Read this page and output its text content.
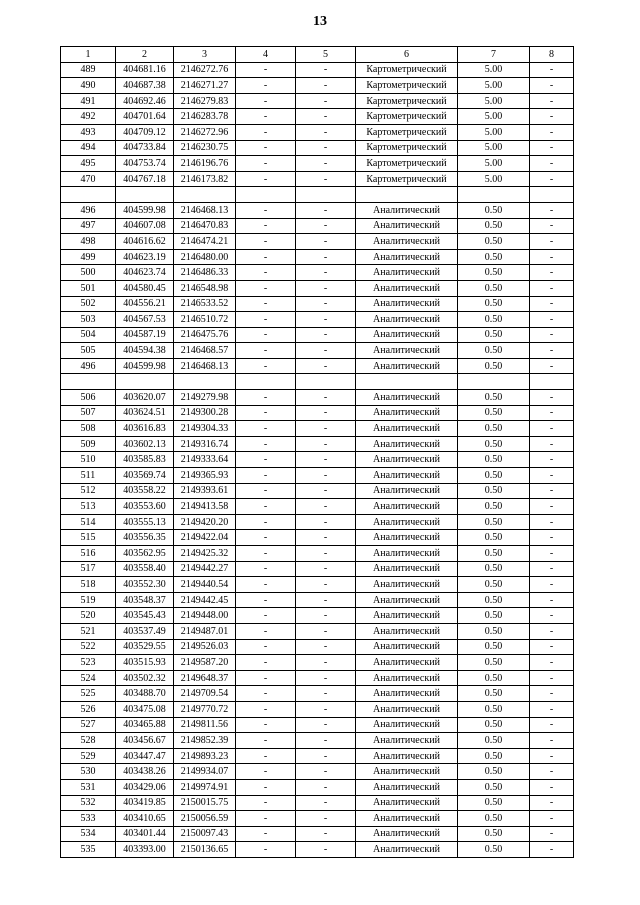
13
1	2	3	4	5	6	7	8
489	404681.16	2146272.76	-	-	Картометрический	5.00	-
490	404687.38	2146271.27	-	-	Картометрический	5.00	-
491	404692.46	2146279.83	-	-	Картометрический	5.00	-
492	404701.64	2146283.78	-	-	Картометрический	5.00	-
493	404709.12	2146272.96	-	-	Картометрический	5.00	-
494	404733.84	2146230.75	-	-	Картометрический	5.00	-
495	404753.74	2146196.76	-	-	Картометрический	5.00	-
470	404767.18	2146173.82	-	-	Картометрический	5.00	-

496	404599.98	2146468.13	-	-	Аналитический	0.50	-
497	404607.08	2146470.83	-	-	Аналитический	0.50	-
498	404616.62	2146474.21	-	-	Аналитический	0.50	-
499	404623.19	2146480.00	-	-	Аналитический	0.50	-
500	404623.74	2146486.33	-	-	Аналитический	0.50	-
501	404580.45	2146548.98	-	-	Аналитический	0.50	-
502	404556.21	2146533.52	-	-	Аналитический	0.50	-
503	404567.53	2146510.72	-	-	Аналитический	0.50	-
504	404587.19	2146475.76	-	-	Аналитический	0.50	-
505	404594.38	2146468.57	-	-	Аналитический	0.50	-
496	404599.98	2146468.13	-	-	Аналитический	0.50	-

506	403620.07	2149279.98	-	-	Аналитический	0.50	-
507	403624.51	2149300.28	-	-	Аналитический	0.50	-
508	403616.83	2149304.33	-	-	Аналитический	0.50	-
509	403602.13	2149316.74	-	-	Аналитический	0.50	-
510	403585.83	2149333.64	-	-	Аналитический	0.50	-
511	403569.74	2149365.93	-	-	Аналитический	0.50	-
512	403558.22	2149393.61	-	-	Аналитический	0.50	-
513	403553.60	2149413.58	-	-	Аналитический	0.50	-
514	403555.13	2149420.20	-	-	Аналитический	0.50	-
515	403556.35	2149422.04	-	-	Аналитический	0.50	-
516	403562.95	2149425.32	-	-	Аналитический	0.50	-
517	403558.40	2149442.27	-	-	Аналитический	0.50	-
518	403552.30	2149440.54	-	-	Аналитический	0.50	-
519	403548.37	2149442.45	-	-	Аналитический	0.50	-
520	403545.43	2149448.00	-	-	Аналитический	0.50	-
521	403537.49	2149487.01	-	-	Аналитический	0.50	-
522	403529.55	2149526.03	-	-	Аналитический	0.50	-
523	403515.93	2149587.20	-	-	Аналитический	0.50	-
524	403502.32	2149648.37	-	-	Аналитический	0.50	-
525	403488.70	2149709.54	-	-	Аналитический	0.50	-
526	403475.08	2149770.72	-	-	Аналитический	0.50	-
527	403465.88	2149811.56	-	-	Аналитический	0.50	-
528	403456.67	2149852.39	-	-	Аналитический	0.50	-
529	403447.47	2149893.23	-	-	Аналитический	0.50	-
530	403438.26	2149934.07	-	-	Аналитический	0.50	-
531	403429.06	2149974.91	-	-	Аналитический	0.50	-
532	403419.85	2150015.75	-	-	Аналитический	0.50	-
533	403410.65	2150056.59	-	-	Аналитический	0.50	-
534	403401.44	2150097.43	-	-	Аналитический	0.50	-
535	403393.00	2150136.65	-	-	Аналитический	0.50	-
